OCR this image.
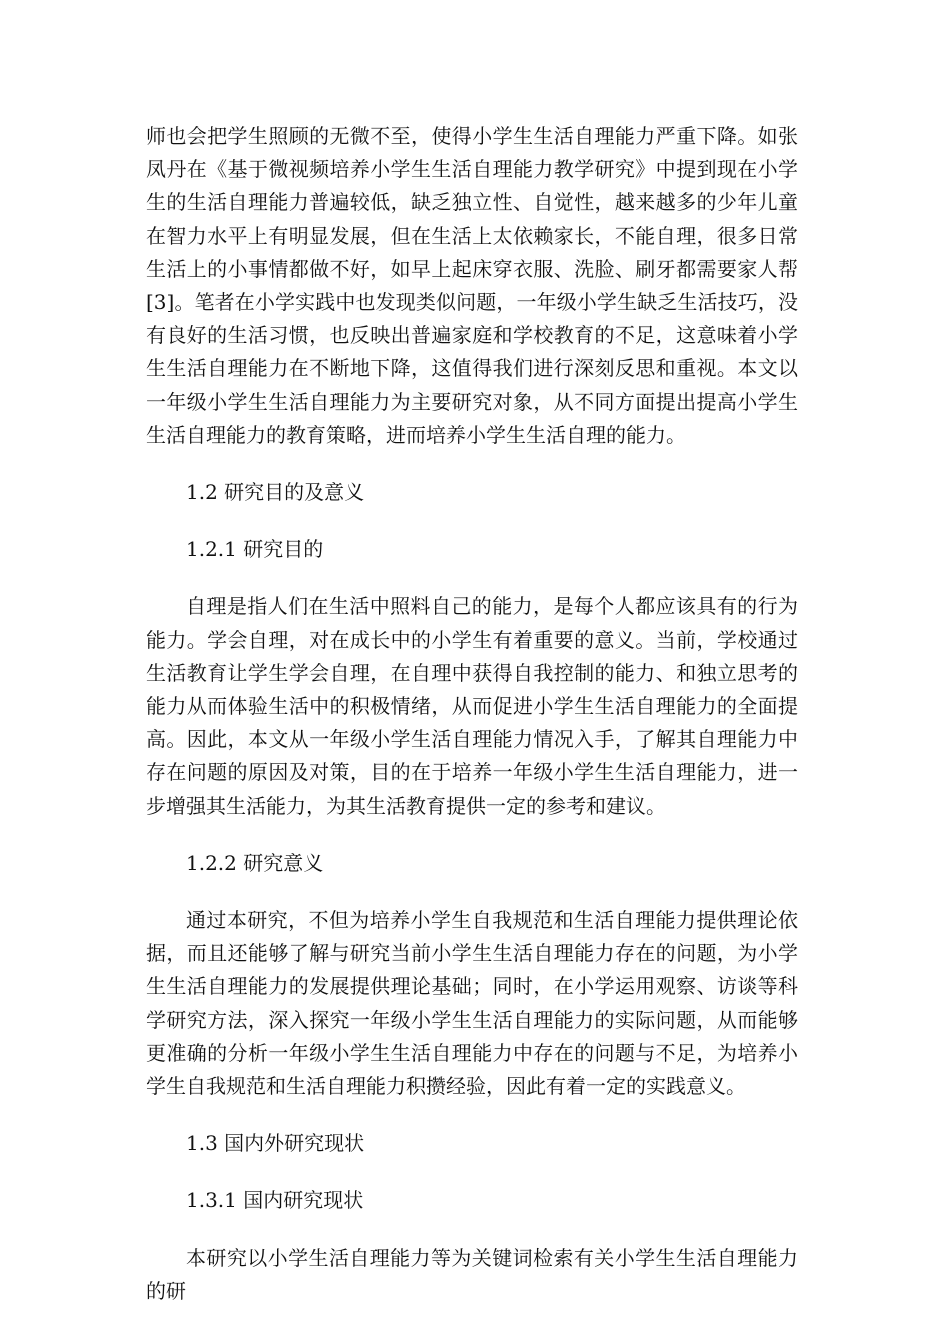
师也会把学生照顾的无微不至，使得小学生生活自理能力严重下降。如张凤丹在《基于微视频培养小学生生活自理能力教学研究》中提到现在小学生的生活自理能力普遍较低，缺乏独立性、自觉性，越来越多的少年儿童在智力水平上有明显发展，但在生活上太依赖家长，不能自理，很多日常生活上的小事情都做不好，如早上起床穿衣服、洗脸、刷牙都需要家人帮[3]。笔者在小学实践中也发现类似问题，一年级小学生缺乏生活技巧，没有良好的生活习惯，也反映出普遍家庭和学校教育的不足，这意味着小学生生活自理能力在不断地下降，这值得我们进行深刻反思和重视。本文以一年级小学生生活自理能力为主要研究对象，从不同方面提出提高小学生生活自理能力的教育策略，进而培养小学生生活自理的能力。

1.2 研究目的及意义
1.2.1 研究目的

自理是指人们在生活中照料自己的能力，是每个人都应该具有的行为能力。学会自理，对在成长中的小学生有着重要的意义。当前，学校通过生活教育让学生学会自理，在自理中获得自我控制的能力、和独立思考的能力从而体验生活中的积极情绪，从而促进小学生生活自理能力的全面提高。因此，本文从一年级小学生活自理能力情况入手，了解其自理能力中存在问题的原因及对策，目的在于培养一年级小学生生活自理能力，进一步增强其生活能力，为其生活教育提供一定的参考和建议。

1.2.2 研究意义

通过本研究，不但为培养小学生自我规范和生活自理能力提供理论依据，而且还能够了解与研究当前小学生生活自理能力存在的问题，为小学生生活自理能力的发展提供理论基础；同时，在小学运用观察、访谈等科学研究方法，深入探究一年级小学生生活自理能力的实际问题，从而能够更准确的分析一年级小学生生活自理能力中存在的问题与不足，为培养小学生自我规范和生活自理能力积攒经验，因此有着一定的实践意义。

1.3 国内外研究现状
1.3.1 国内研究现状

本研究以小学生活自理能力等为关键词检索有关小学生生活自理能力的研
